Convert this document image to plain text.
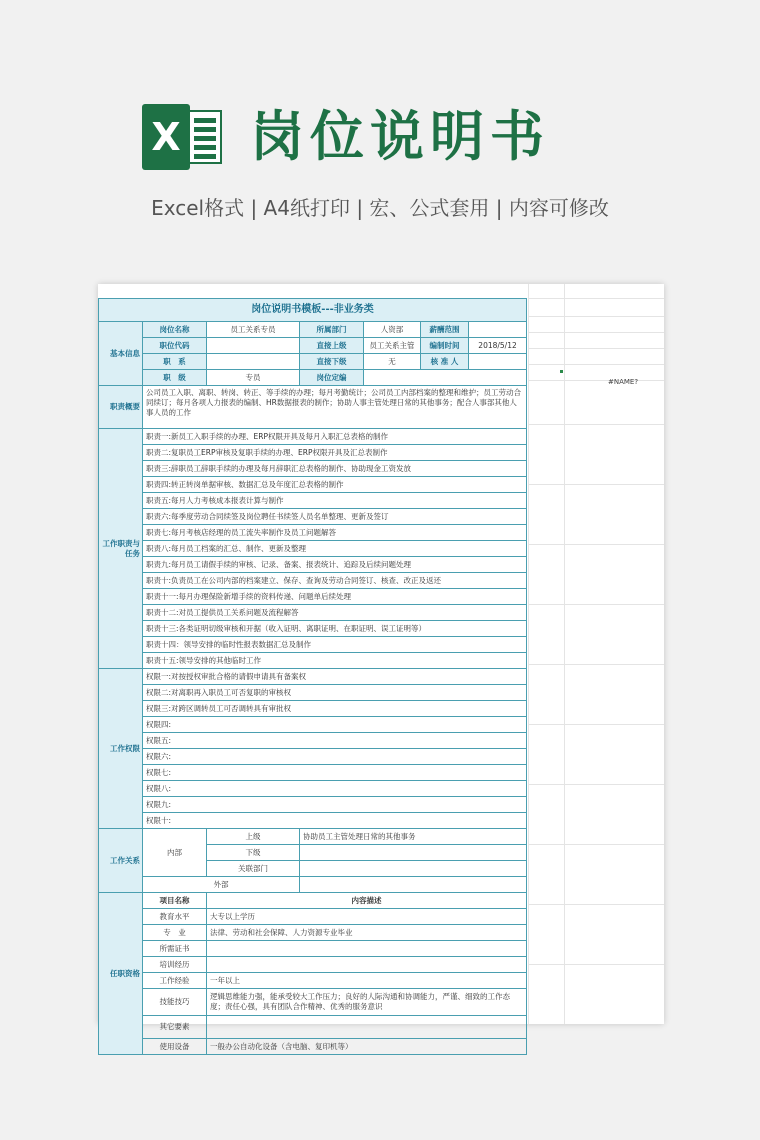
X 岗位说明书
Excel格式 | A4纸打印 | 宏、公式套用 | 内容可修改
#NAME?
岗位说明书模板---非业务类						
基本信息	岗位名称	员工关系专员	所属部门	人资部	薪酬范围	
	职位代码		直接上级	员工关系主管	编制时间	2018/5/12
	职　系		直接下级	无	核 准 人	
	职　级	专员	岗位定编			
职责概要	公司员工入职、离职、转岗、转正、等手续的办理；每月考勤统计；公司员工内部档案的整理和维护；员工劳动合同续订；每月各项人力报表的编制、HR数据报表的制作；协助人事主管处理日常的其他事务；配合人事部其他人事人员的工作					
工作职责与任务	职责一:新员工入职手续的办理、ERP权限开具及每月入职汇总表格的制作					
	职责二:复职员工ERP审核及复职手续的办理、ERP权限开具及汇总表制作					
	职责三:辞职员工辞职手续的办理及每月辞职汇总表格的制作、协助现金工资发放					
	职责四:转正转岗单据审核、数据汇总及年度汇总表格的制作					
	职责五:每月人力考核成本报表计算与制作					
	职责六:每季度劳动合同续签及岗位聘任书续签人员名单整理、更新及签订					
	职责七:每月考核店经理的员工流失率制作及员工问题解答					
	职责八:每月员工档案的汇总、制作、更新及整理					
	职责九:每月员工请假手续的审核、记录、备案、报表统计、追踪及后续问题处理					
	职责十:负责员工在公司内部的档案建立、保存、查询及劳动合同签订、核查、改正及返还					
	职责十一:每月办理保险新增手续的资料传递、问题单后续处理					
	职责十二:对员工提供员工关系问题及流程解答					
	职责十三:各类证明切级审核和开据（收入证明、离职证明、在职证明、误工证明等）					
	职责十四：领导安排的临时性报表数据汇总及制作					
	职责十五:领导安排的其他临时工作					
工作权限	权限一:对按授权审批合格的请假申请具有备案权					
	权限二:对离职再入职员工可否复职的审核权					
	权限三:对跨区调转员工可否调转具有审批权					
	权限四:					
	权限五:					
	权限六:					
	权限七:					
	权限八:					
	权限九:					
	权限十:					
工作关系	内部	上级	协助员工主管处理日常的其他事务			
		下级				
		关联部门				
	外部					
任职资格	项目名称	内容描述				
	教育水平	大专以上学历				
	专　业	法律、劳动和社会保障、人力资源专业毕业				
	所需证书					
	培训经历					
	工作经验	一年以上				
	技能技巧	逻辑思维能力强，能承受较大工作压力；良好的人际沟通和协调能力，严谨、细致的工作态度；责任心强，具有团队合作精神、优秀的服务意识				
	其它要素					
	使用设备	一般办公自动化设备（含电脑、复印机等）				
